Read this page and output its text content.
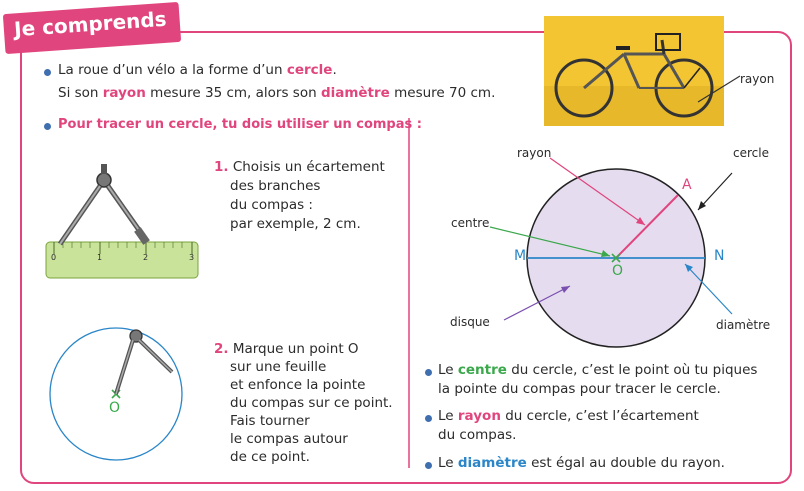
Je comprends
La roue d’un vélo a la forme d’un cercle.
Si son rayon mesure 35 cm, alors son diamètre mesure 70 cm.
Pour tracer un cercle, tu dois utiliser un compas :
rayon
0	1	2	3
1. Choisis un écartement
des branches
du compas :
par exemple, 2 cm.
O
2. Marque un point O
sur une feuille
et enfonce la pointe
du compas sur ce point.
Fais tourner
le compas autour
de ce point.
rayon	cercle
centre
disque	diamètre
A
M	N
O
Le centre du cercle, c’est le point où tu piques
la pointe du compas pour tracer le cercle.
Le rayon du cercle, c’est l’écartement
du compas.
Le diamètre est égal au double du rayon.
